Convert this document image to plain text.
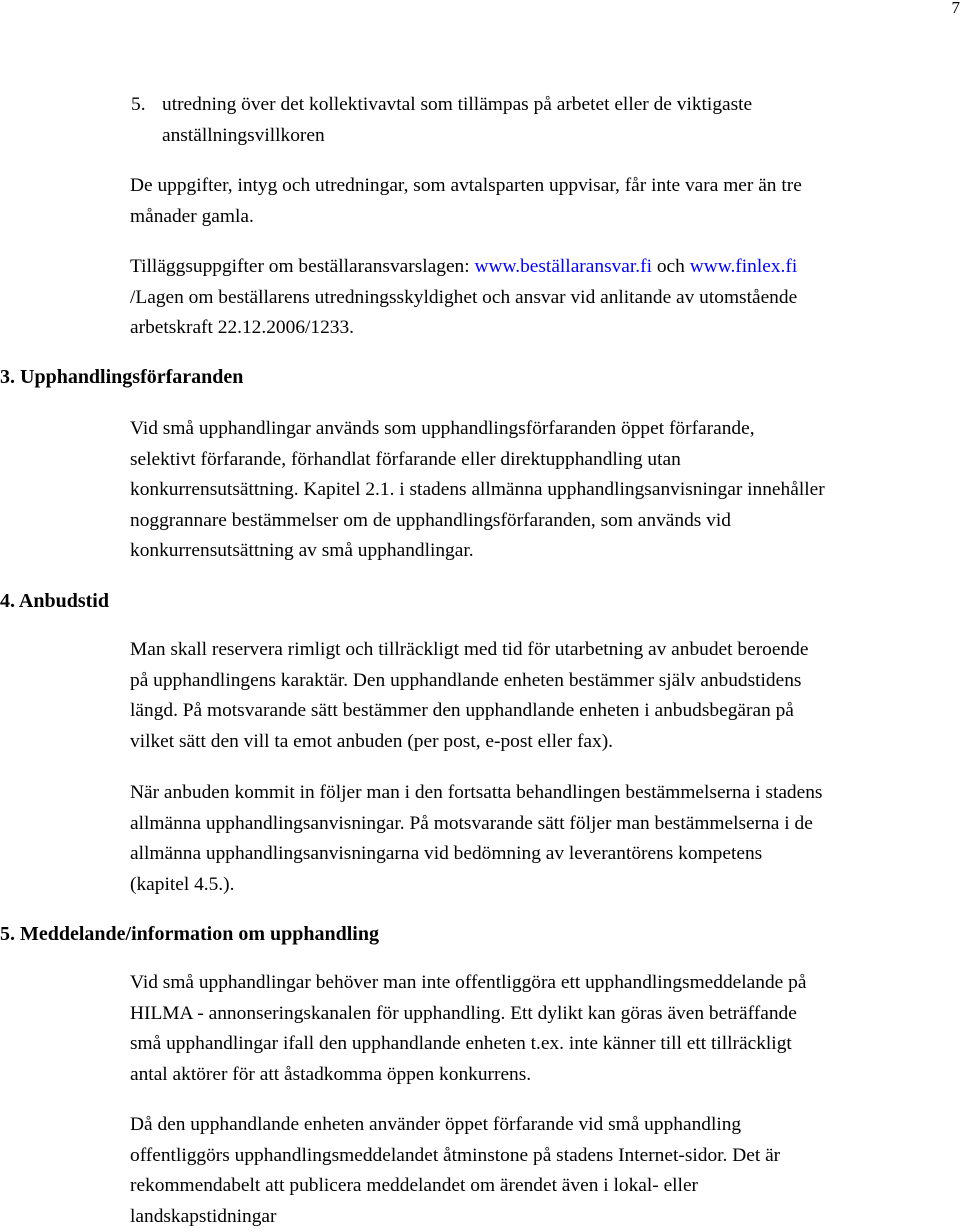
7
5. utredning över det kollektivavtal som tillämpas på arbetet eller de viktigaste
anställningsvillkoren
De uppgifter, intyg och utredningar, som avtalsparten uppvisar, får inte vara mer än tre
månader gamla.
Tilläggsuppgifter om beställaransvarslagen: www.beställaransvar.fi och www.finlex.fi
/Lagen om beställarens utredningsskyldighet och ansvar vid anlitande av utomstående
arbetskraft 22.12.2006/1233.
3. Upphandlingsförfaranden
Vid små upphandlingar används som upphandlingsförfaranden öppet förfarande,
selektivt förfarande, förhandlat förfarande eller direktupphandling utan
konkurrensutsättning. Kapitel 2.1. i stadens allmänna upphandlingsanvisningar innehåller
noggrannare bestämmelser om de upphandlingsförfaranden, som används vid
konkurrensutsättning av små upphandlingar.
4. Anbudstid
Man skall reservera rimligt och tillräckligt med tid för utarbetning av anbudet beroende
på upphandlingens karaktär. Den upphandlande enheten bestämmer själv anbudstidens
längd. På motsvarande sätt bestämmer den upphandlande enheten i anbudsbegäran på
vilket sätt den vill ta emot anbuden (per post, e-post eller fax).
När anbuden kommit in följer man i den fortsatta behandlingen bestämmelserna i stadens
allmänna upphandlingsanvisningar. På motsvarande sätt följer man bestämmelserna i de
allmänna upphandlingsanvisningarna vid bedömning av leverantörens kompetens
(kapitel 4.5.).
5. Meddelande/information om upphandling
Vid små upphandlingar behöver man inte offentliggöra ett upphandlingsmeddelande på
HILMA - annonseringskanalen för upphandling. Ett dylikt kan göras även beträffande
små upphandlingar ifall den upphandlande enheten t.ex. inte känner till ett tillräckligt
antal aktörer för att åstadkomma öppen konkurrens.
Då den upphandlande enheten använder öppet förfarande vid små upphandling
offentliggörs upphandlingsmeddelandet åtminstone på stadens Internet-sidor. Det är
rekommendabelt att publicera meddelandet om ärendet även i lokal- eller
landskapstidningar
